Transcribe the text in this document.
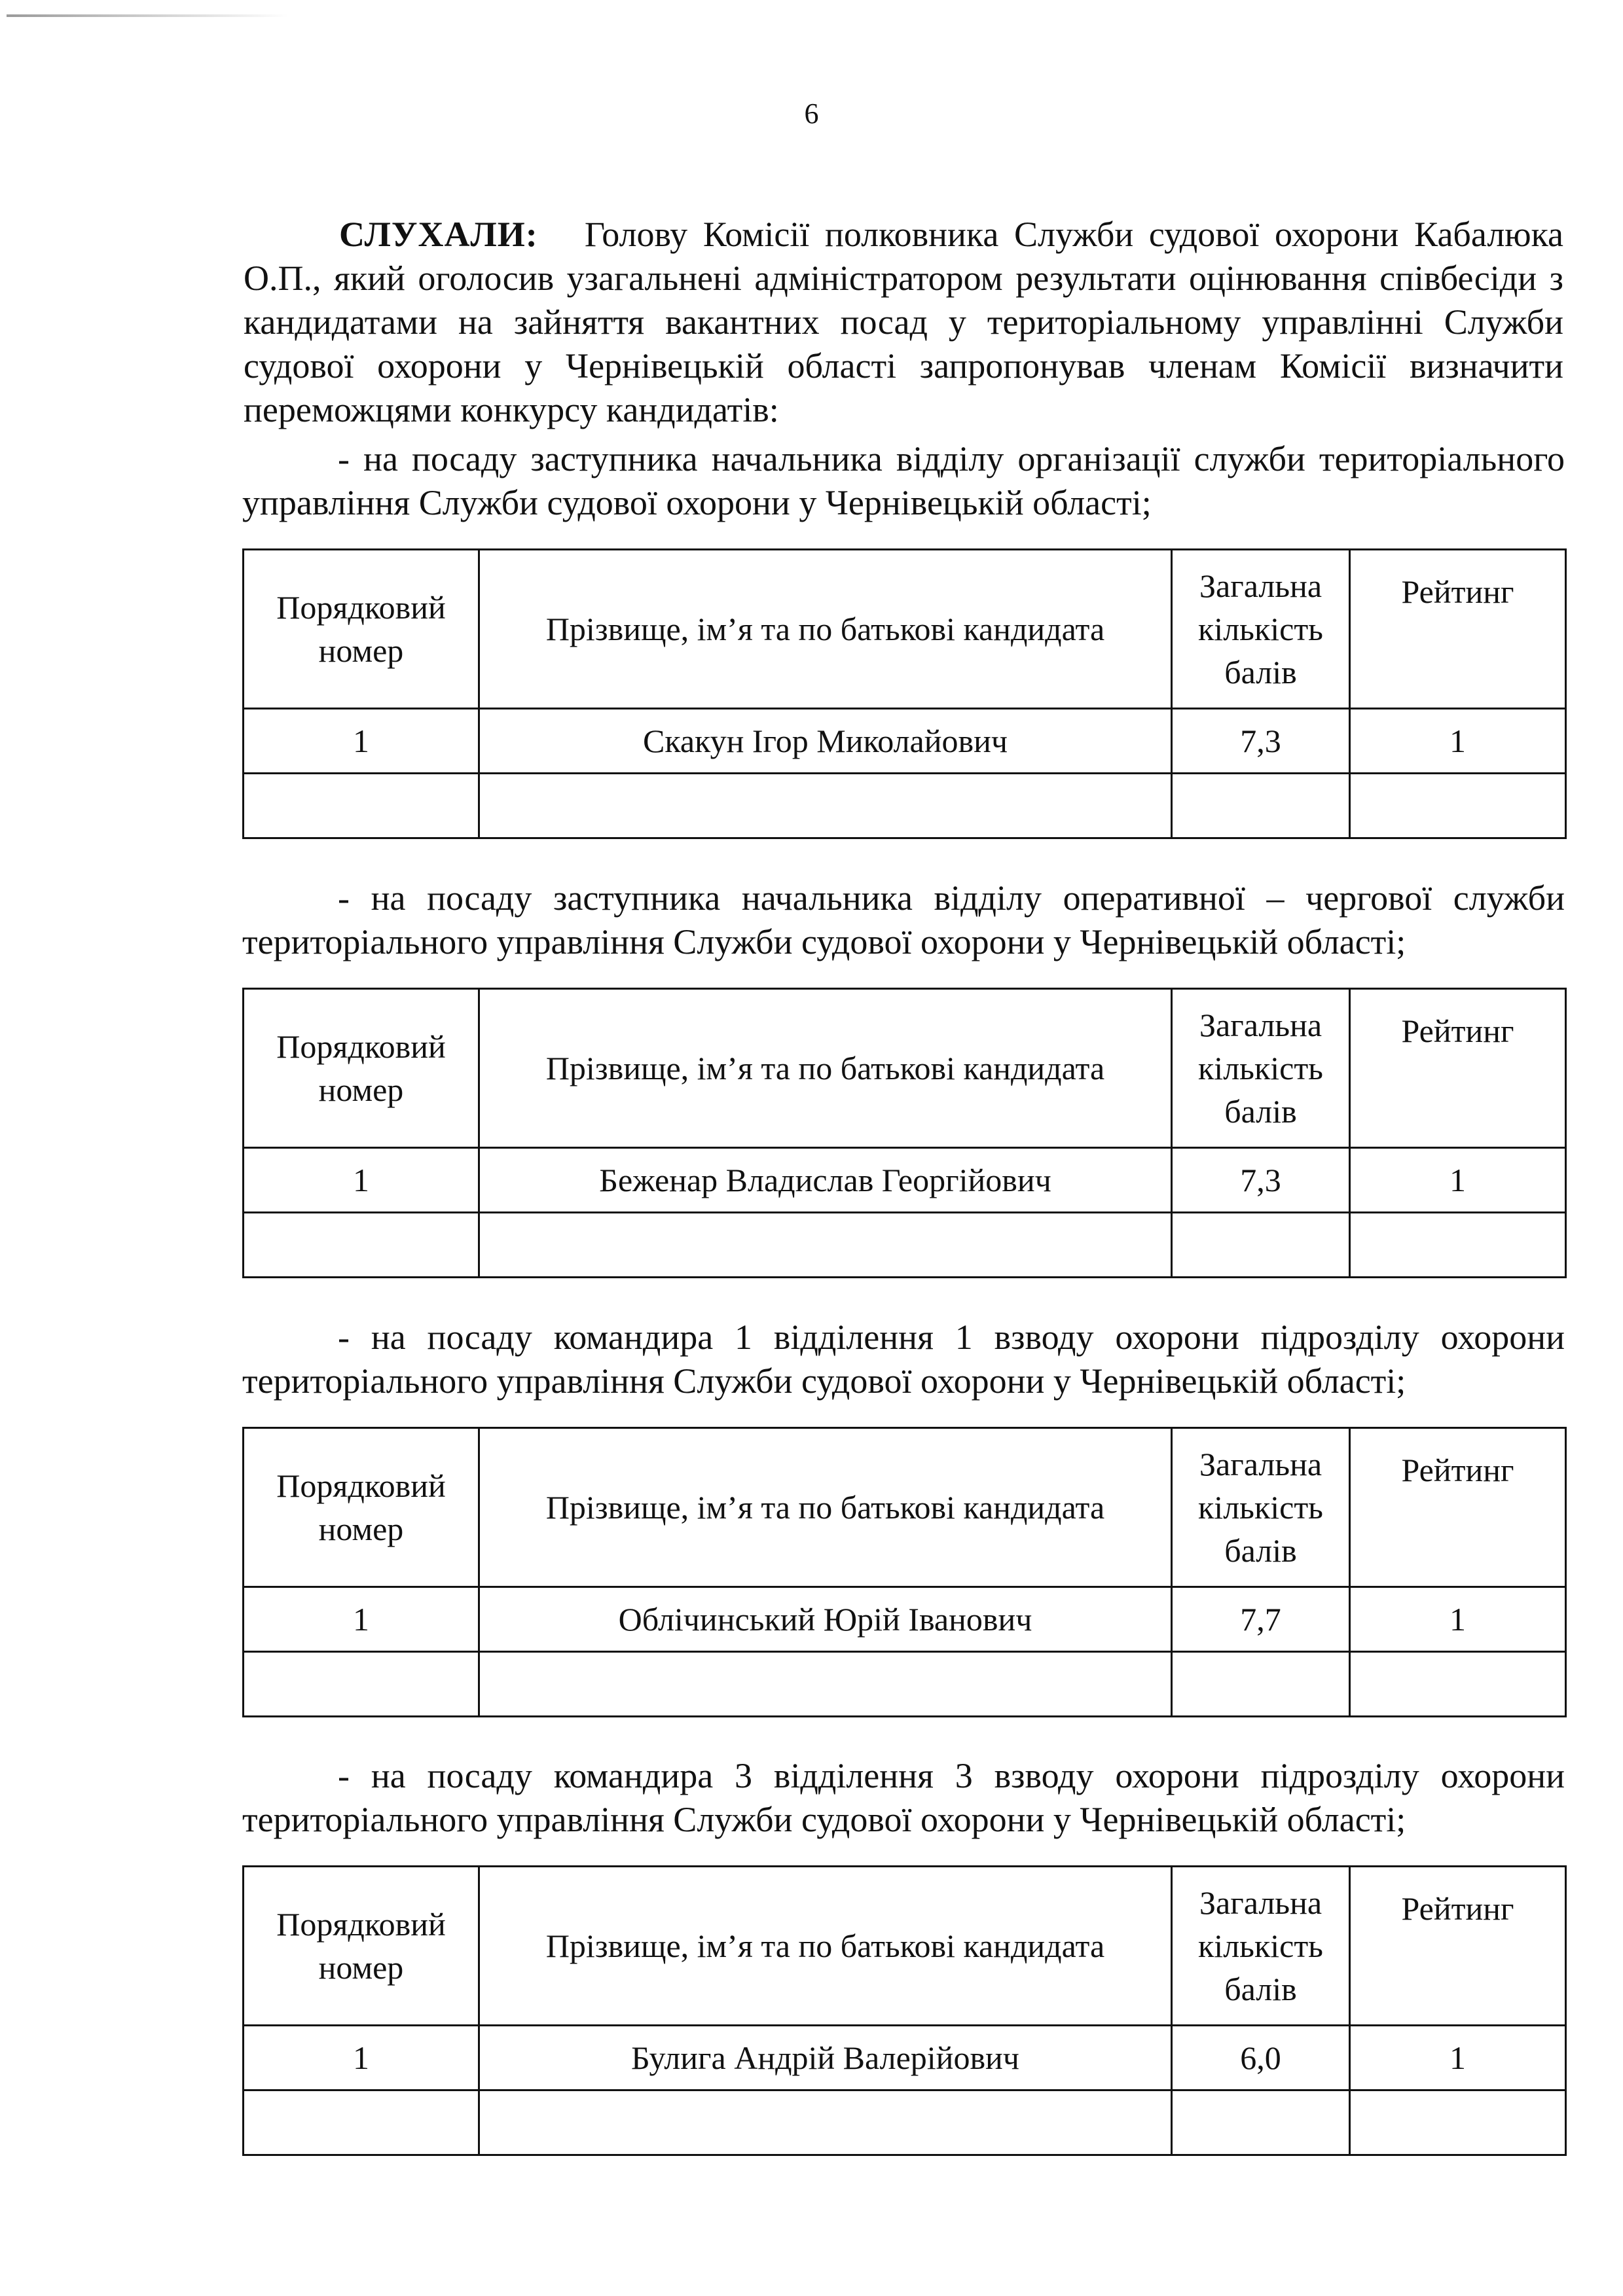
6

СЛУХАЛИ: Голову Комісії полковника Служби судової охорони Кабалюка О.П., який оголосив узагальнені адміністратором результати оцінювання співбесіди з кандидатами на зайняття вакантних посад у територіальному управлінні Служби судової охорони у Чернівецькій області запропонував членам Комісії визначити переможцями конкурсу кандидатів:

- на посаду заступника начальника відділу організації служби територіального управління Служби судової охорони у Чернівецькій області;

Порядковий номер	Прізвище, ім’я та по батькові кандидата	Загальна кількість балів	Рейтинг
1	Скакун Ігор Миколайович	7,3	1

- на посаду заступника начальника відділу оперативної – чергової служби територіального управління Служби судової охорони у Чернівецькій області;

Порядковий номер	Прізвище, ім’я та по батькові кандидата	Загальна кількість балів	Рейтинг
1	Беженар Владислав Георгійович	7,3	1

- на посаду командира 1 відділення 1 взводу охорони підрозділу охорони територіального управління Служби судової охорони у Чернівецькій області;

Порядковий номер	Прізвище, ім’я та по батькові кандидата	Загальна кількість балів	Рейтинг
1	Облічинський Юрій Іванович	7,7	1

- на посаду командира 3 відділення 3 взводу охорони підрозділу охорони територіального управління Служби судової охорони у Чернівецькій області;

Порядковий номер	Прізвище, ім’я та по батькові кандидата	Загальна кількість балів	Рейтинг
1	Булига Андрій Валерійович	6,0	1
